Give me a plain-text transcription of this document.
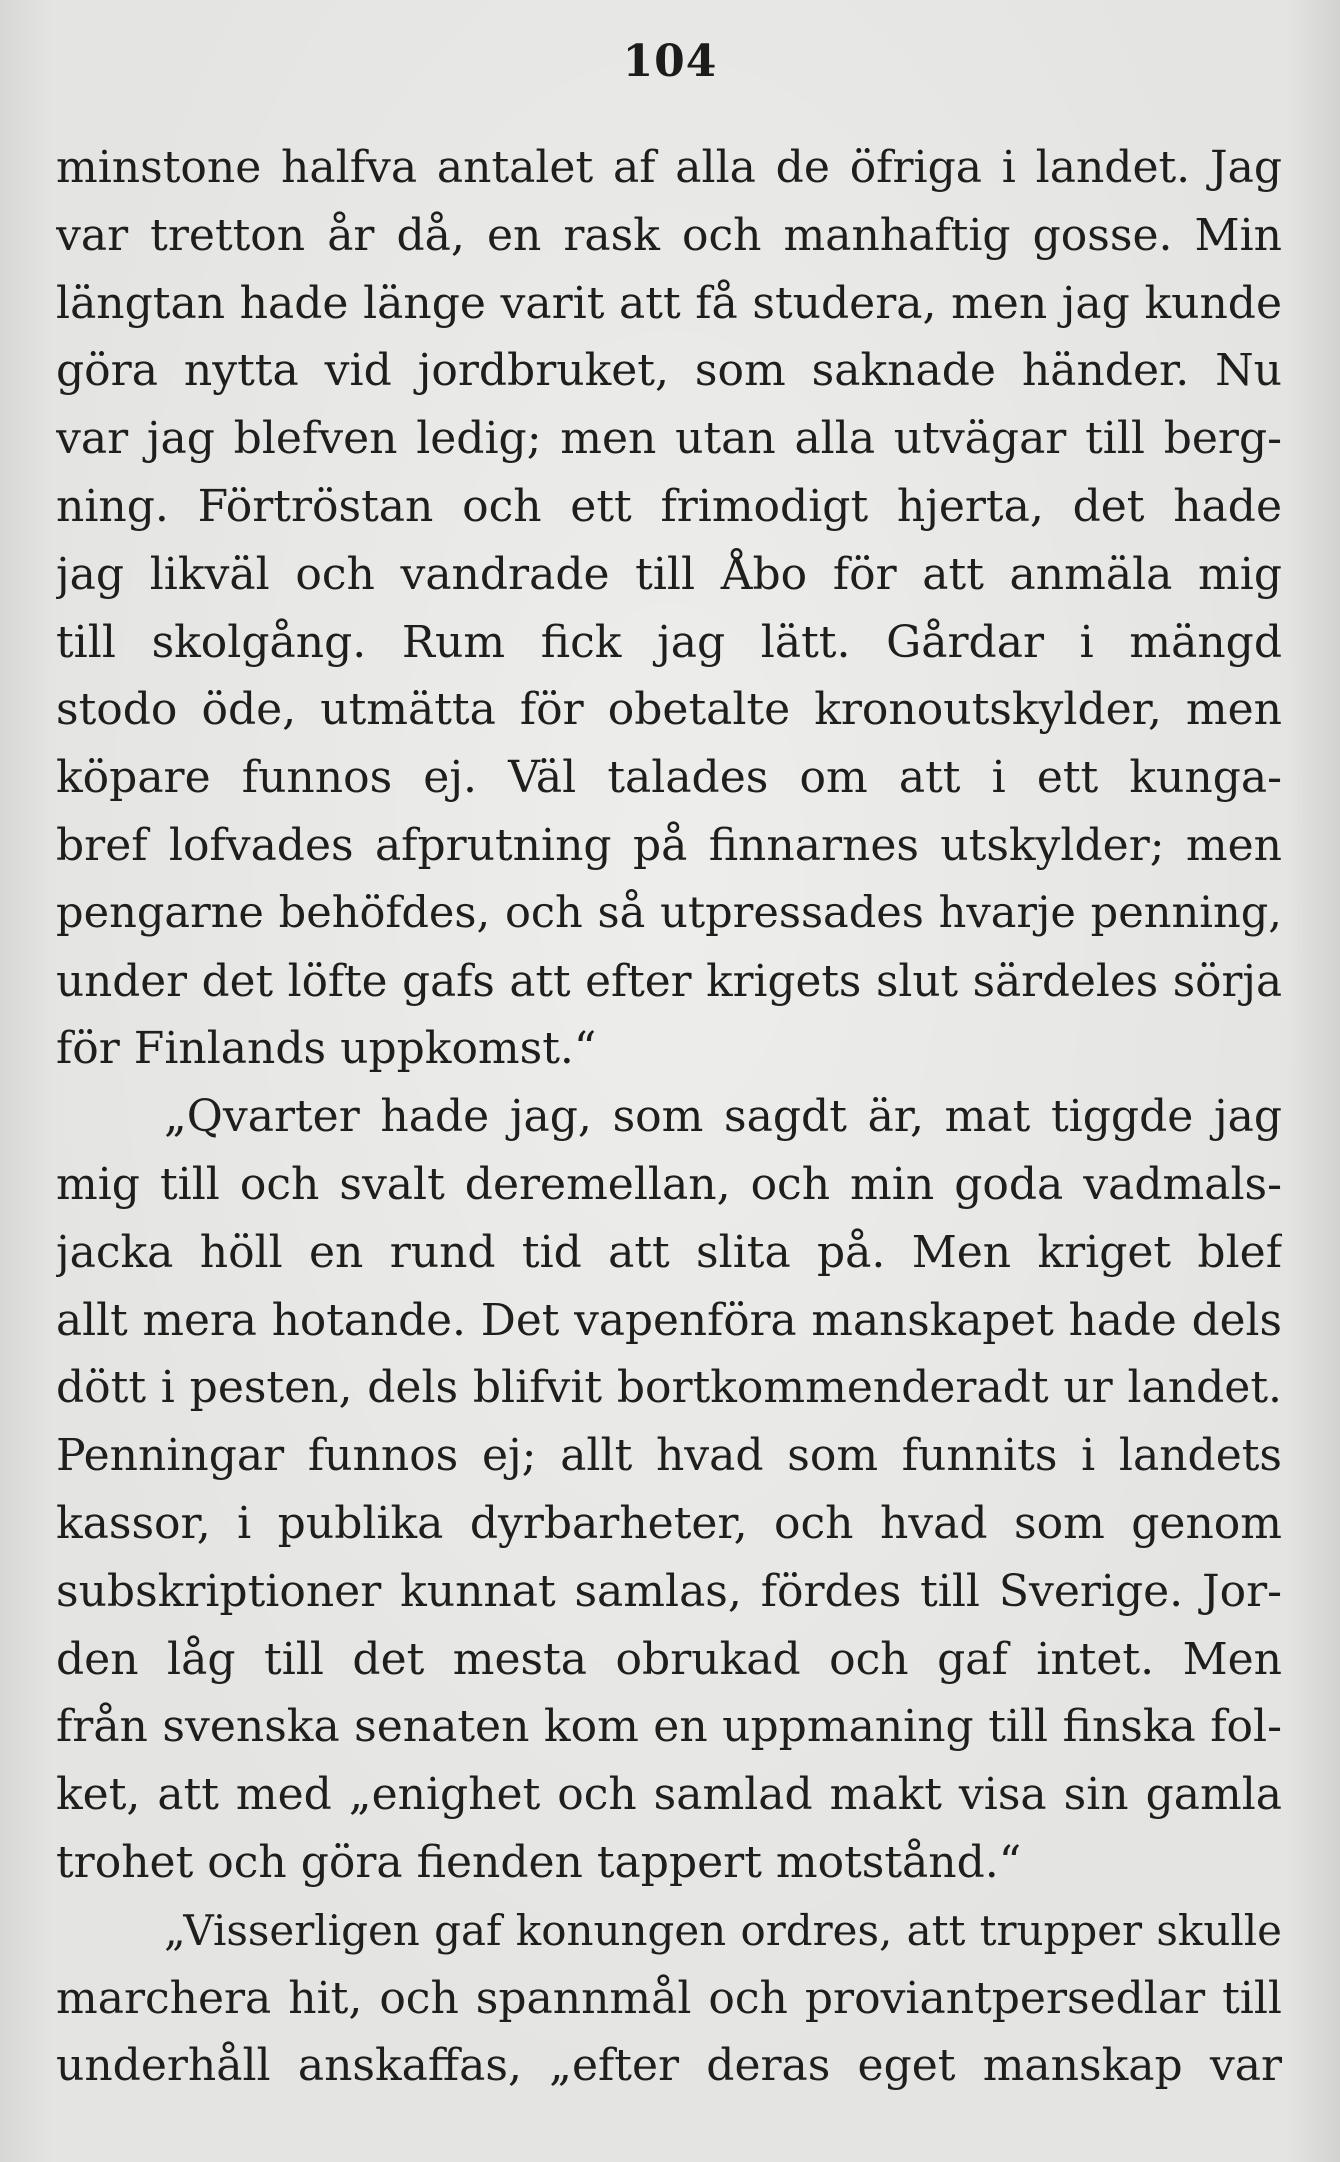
104
minstone halfva antalet af alla de öfriga i landet. Jag
var tretton år då, en rask och manhaftig gosse. Min
längtan hade länge varit att få studera, men jag kunde
göra nytta vid jordbruket, som saknade händer. Nu
var jag blefven ledig; men utan alla utvägar till berg-
ning. Förtröstan och ett frimodigt hjerta, det hade
jag likväl och vandrade till Åbo för att anmäla mig
till skolgång. Rum fick jag lätt. Gårdar i mängd
stodo öde, utmätta för obetalte kronoutskylder, men
köpare funnos ej. Väl talades om att i ett kunga-
bref lofvades afprutning på finnarnes utskylder; men
pengarne behöfdes, och så utpressades hvarje penning,
under det löfte gafs att efter krigets slut särdeles sörja
för Finlands uppkomst.“
„Qvarter hade jag, som sagdt är, mat tiggde jag
mig till och svalt deremellan, och min goda vadmals-
jacka höll en rund tid att slita på. Men kriget blef
allt mera hotande. Det vapenföra manskapet hade dels
dött i pesten, dels blifvit bortkommenderadt ur landet.
Penningar funnos ej; allt hvad som funnits i landets
kassor, i publika dyrbarheter, och hvad som genom
subskriptioner kunnat samlas, fördes till Sverige. Jor-
den låg till det mesta obrukad och gaf intet. Men
från svenska senaten kom en uppmaning till finska fol-
ket, att med „enighet och samlad makt visa sin gamla
trohet och göra fienden tappert motstånd.“
„Visserligen gaf konungen ordres, att trupper skulle
marchera hit, och spannmål och proviantpersedlar till
underhåll anskaffas, „efter deras eget manskap var
